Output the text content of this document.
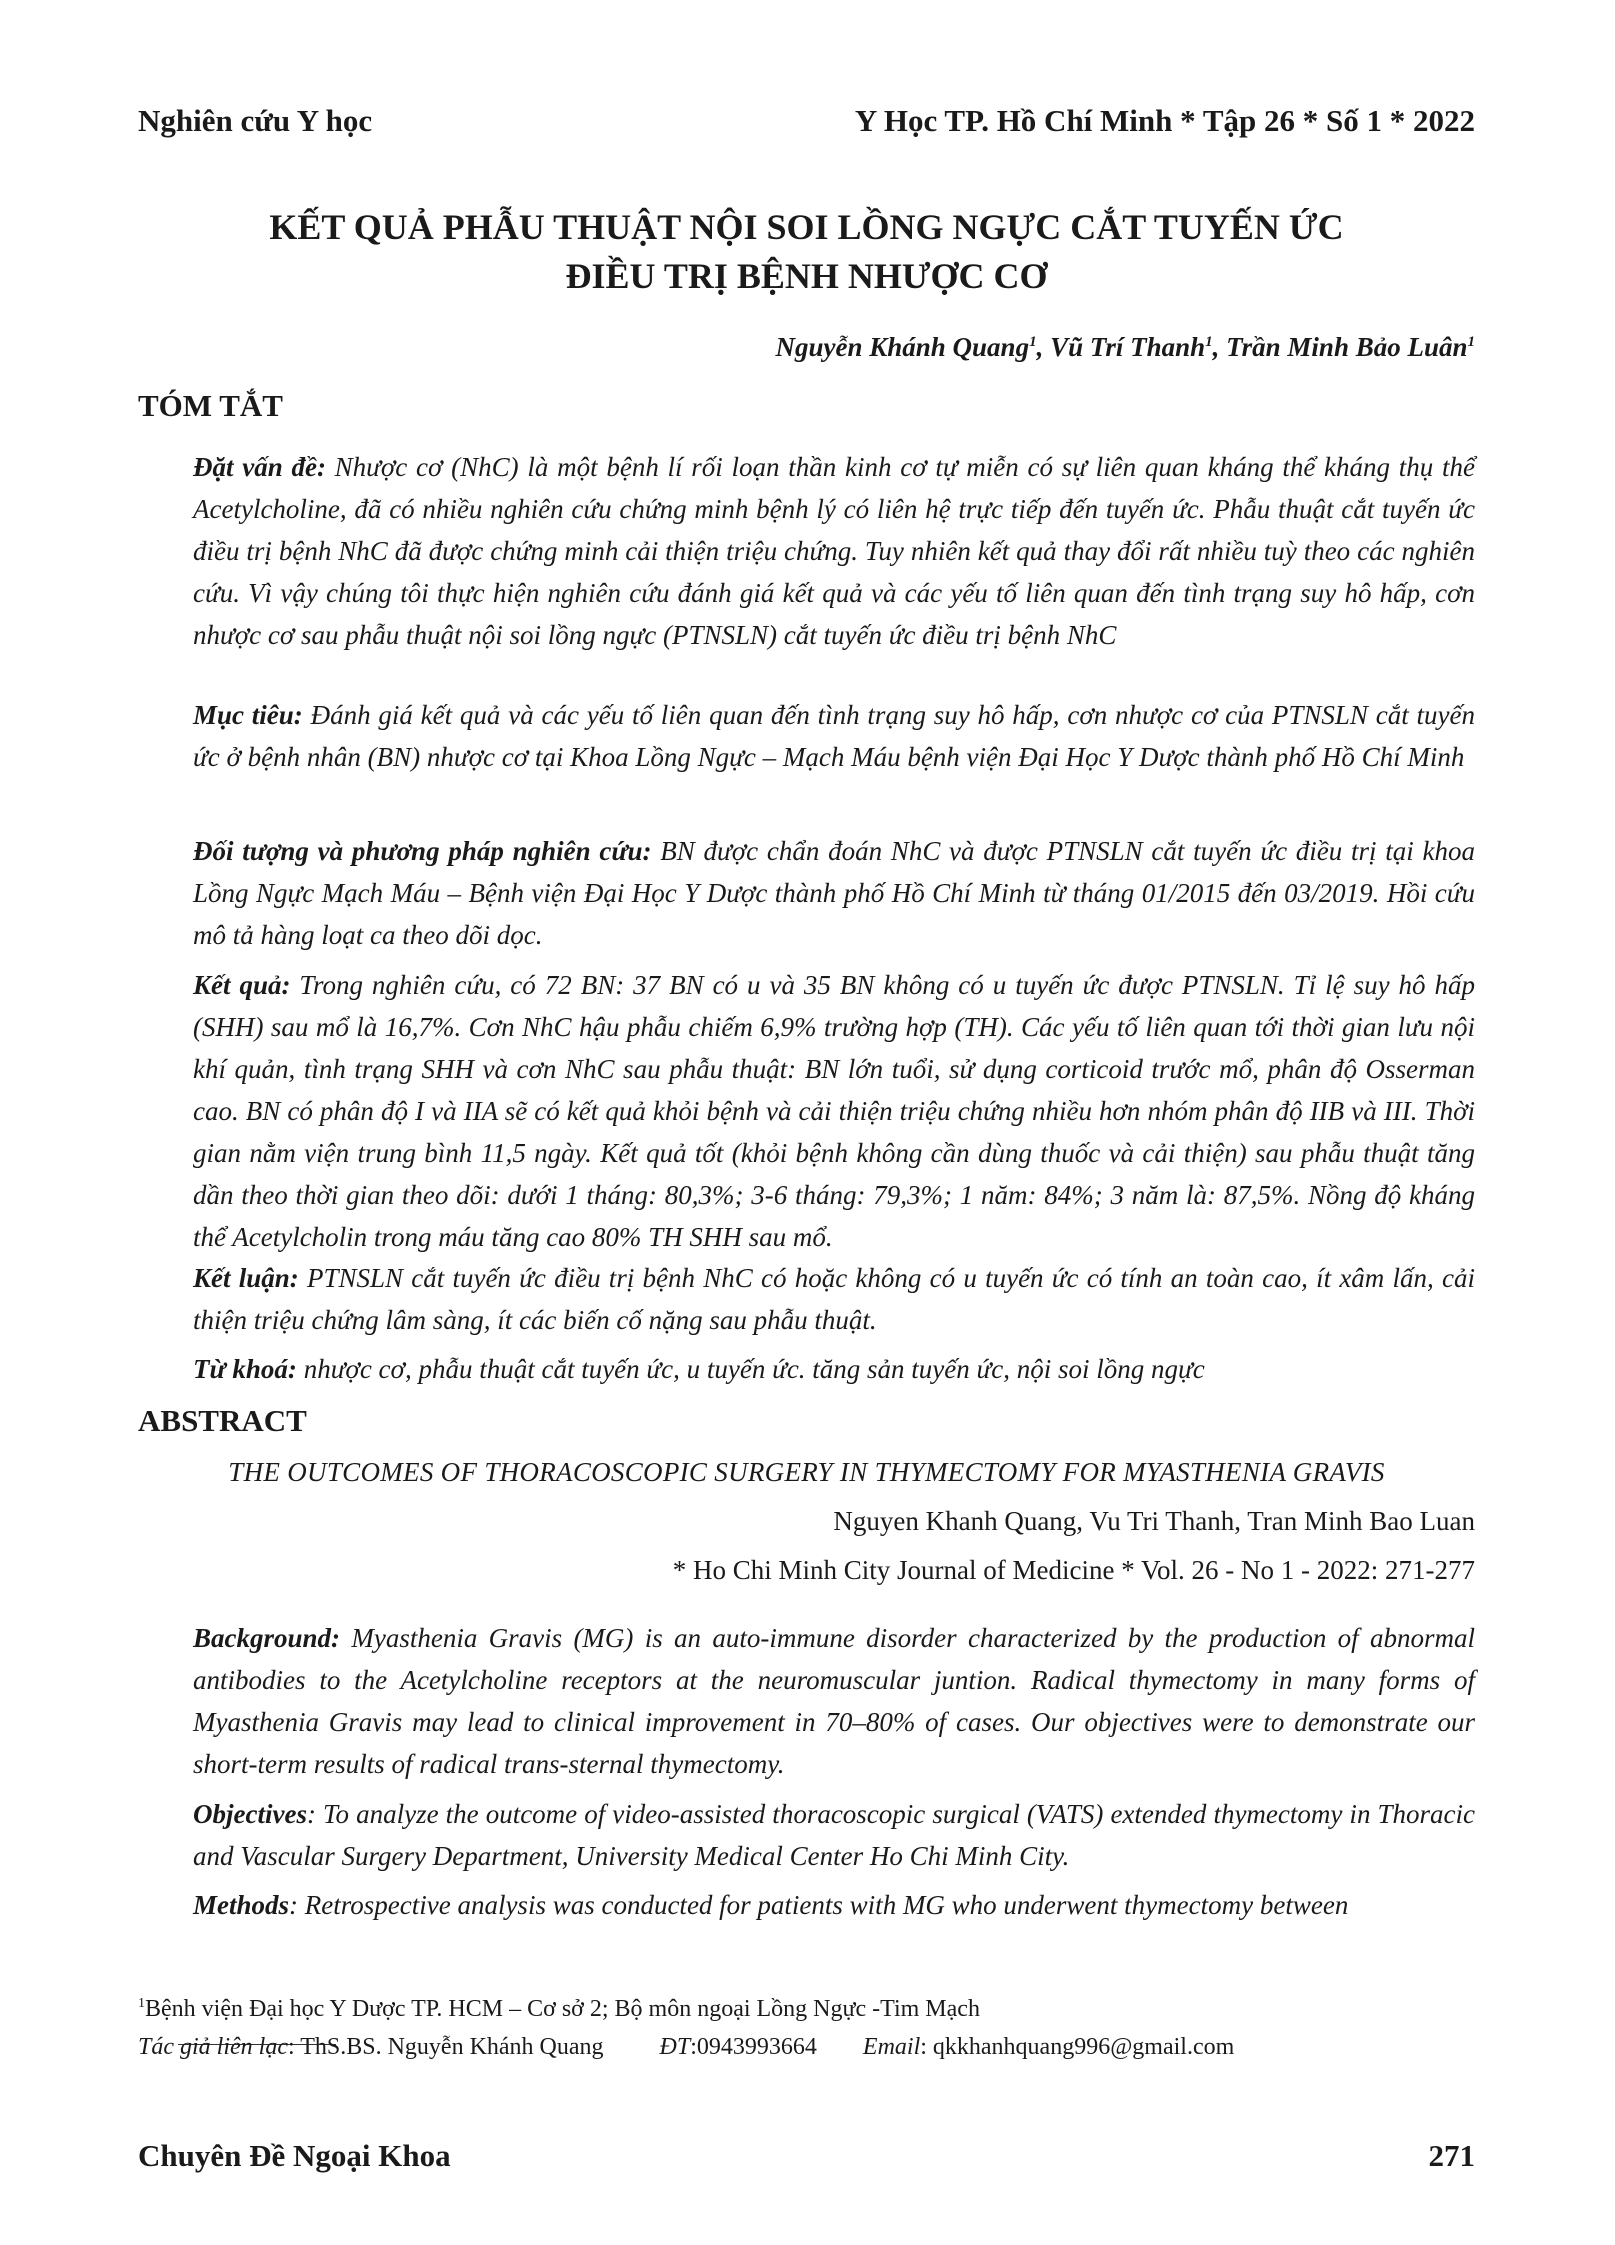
Nghiên cứu Y học	Y Học TP. Hồ Chí Minh * Tập 26 * Số 1 * 2022
KẾT QUẢ PHẪU THUẬT NỘI SOI LỒNG NGỰC CẮT TUYẾN ỨC
ĐIỀU TRỊ BỆNH NHƯỢC CƠ
Nguyễn Khánh Quang$^1$, Vũ Trí Thanh$^1$, Trần Minh Bảo Luân$^1$
TÓM TẮT
Đặt vấn đề: Nhược cơ (NhC) là một bệnh lí rối loạn thần kinh cơ tự miễn có sự liên quan kháng thể kháng thụ thể Acetylcholine, đã có nhiều nghiên cứu chứng minh bệnh lý có liên hệ trực tiếp đến tuyến ức. Phẫu thuật cắt tuyến ức điều trị bệnh NhC đã được chứng minh cải thiện triệu chứng. Tuy nhiên kết quả thay đổi rất nhiều tuỳ theo các nghiên cứu. Vì vậy chúng tôi thực hiện nghiên cứu đánh giá kết quả và các yếu tố liên quan đến tình trạng suy hô hấp, cơn nhược cơ sau phẫu thuật nội soi lồng ngực (PTNSLN) cắt tuyến ức điều trị bệnh NhC
Mục tiêu: Đánh giá kết quả và các yếu tố liên quan đến tình trạng suy hô hấp, cơn nhược cơ của PTNSLN cắt tuyến ức ở bệnh nhân (BN) nhược cơ tại Khoa Lồng Ngực – Mạch Máu bệnh viện Đại Học Y Dược thành phố Hồ Chí Minh
Đối tượng và phương pháp nghiên cứu: BN được chẩn đoán NhC và được PTNSLN cắt tuyến ức điều trị tại khoa Lồng Ngực Mạch Máu – Bệnh viện Đại Học Y Dược thành phố Hồ Chí Minh từ tháng 01/2015 đến 03/2019. Hồi cứu mô tả hàng loạt ca theo dõi dọc.
Kết quả: Trong nghiên cứu, có 72 BN: 37 BN có u và 35 BN không có u tuyến ức được PTNSLN. Tỉ lệ suy hô hấp (SHH) sau mổ là 16,7%. Cơn NhC hậu phẫu chiếm 6,9% trường hợp (TH). Các yếu tố liên quan tới thời gian lưu nội khí quản, tình trạng SHH và cơn NhC sau phẫu thuật: BN lớn tuổi, sử dụng corticoid trước mổ, phân độ Osserman cao. BN có phân độ I và IIA sẽ có kết quả khỏi bệnh và cải thiện triệu chứng nhiều hơn nhóm phân độ IIB và III. Thời gian nằm viện trung bình 11,5 ngày. Kết quả tốt (khỏi bệnh không cần dùng thuốc và cải thiện) sau phẫu thuật tăng dần theo thời gian theo dõi: dưới 1 tháng: 80,3%; 3-6 tháng: 79,3%; 1 năm: 84%; 3 năm là: 87,5%. Nồng độ kháng thể Acetylcholin trong máu tăng cao 80% TH SHH sau mổ.
Kết luận: PTNSLN cắt tuyến ức điều trị bệnh NhC có hoặc không có u tuyến ức có tính an toàn cao, ít xâm lấn, cải thiện triệu chứng lâm sàng, ít các biến cố nặng sau phẫu thuật.
Từ khoá: nhược cơ, phẫu thuật cắt tuyến ức, u tuyến ức. tăng sản tuyến ức, nội soi lồng ngực
ABSTRACT
THE OUTCOMES OF THORACOSCOPIC SURGERY IN THYMECTOMY FOR MYASTHENIA GRAVIS
Nguyen Khanh Quang, Vu Tri Thanh, Tran Minh Bao Luan
* Ho Chi Minh City Journal of Medicine * Vol. 26 - No 1 - 2022: 271-277
Background: Myasthenia Gravis (MG) is an auto-immune disorder characterized by the production of abnormal antibodies to the Acetylcholine receptors at the neuromuscular juntion. Radical thymectomy in many forms of Myasthenia Gravis may lead to clinical improvement in 70–80% of cases. Our objectives were to demonstrate our short-term results of radical trans-sternal thymectomy.
Objectives: To analyze the outcome of video-assisted thoracoscopic surgical (VATS) extended thymectomy in Thoracic and Vascular Surgery Department, University Medical Center Ho Chi Minh City.
Methods: Retrospective analysis was conducted for patients with MG who underwent thymectomy between
$^1$Bệnh viện Đại học Y Dược TP. HCM – Cơ sở 2; Bộ môn ngoại Lồng Ngực -Tim Mạch
Tác giả liên lạc: ThS.BS. Nguyễn Khánh Quang ĐT:0943993664 Email: qkkhanhquang996@gmail.com
Chuyên Đề Ngoại Khoa	271
